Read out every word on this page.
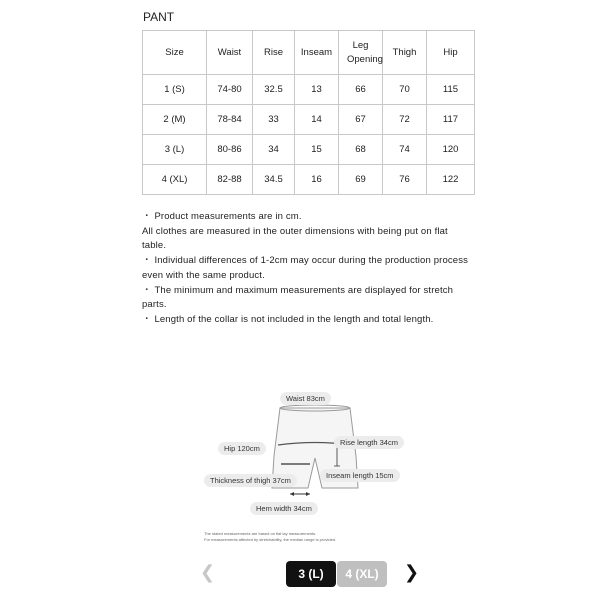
PANT
Size	Waist	Rise	Inseam	Leg Opening	Thigh	Hip
1 (S)	74-80	32.5	13	66	70	115
2 (M)	78-84	33	14	67	72	117
3 (L)	80-86	34	15	68	74	120
4 (XL)	82-88	34.5	16	69	76	122

・ Product measurements are in cm.

All clothes are measured in the outer dimensions with being put on flat table.

・ Individual differences of 1-2cm may occur during the production process even with the same product.

・ The minimum and maximum measurements are displayed for stretch parts.

・ Length of the collar is not included in the length and total length.

Waist 83cm
Hip 120cm
Rise length 34cm
Inseam length 15cm
Thickness of thigh 37cm
Hem width 34cm
The stated measurements are based on flat lay measurements.
For measurements affected by stretchability, the median range is provided.
❮	3 (L)	4 (XL)	❯
